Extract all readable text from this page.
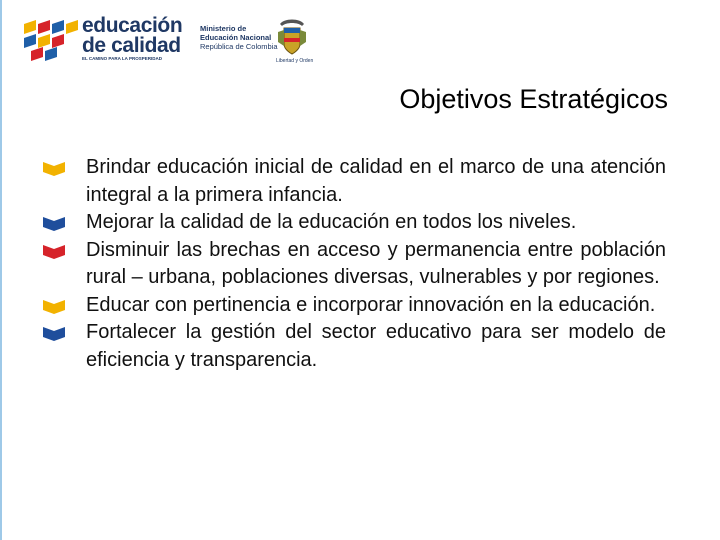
educación
de calidad
EL CAMINO PARA LA PROSPERIDAD
Ministerio de
Educación Nacional
República de Colombia
Libertad y Orden
Objetivos Estratégicos
Brindar educación inicial de calidad en el marco de una atención integral a la primera infancia.
Mejorar la calidad de la educación en todos los niveles.
Disminuir las brechas en acceso y permanencia entre población rural – urbana, poblaciones diversas, vulnerables y por regiones.
Educar con pertinencia e incorporar innovación en la educación.
Fortalecer la gestión del sector educativo para ser modelo de eficiencia y transparencia.
